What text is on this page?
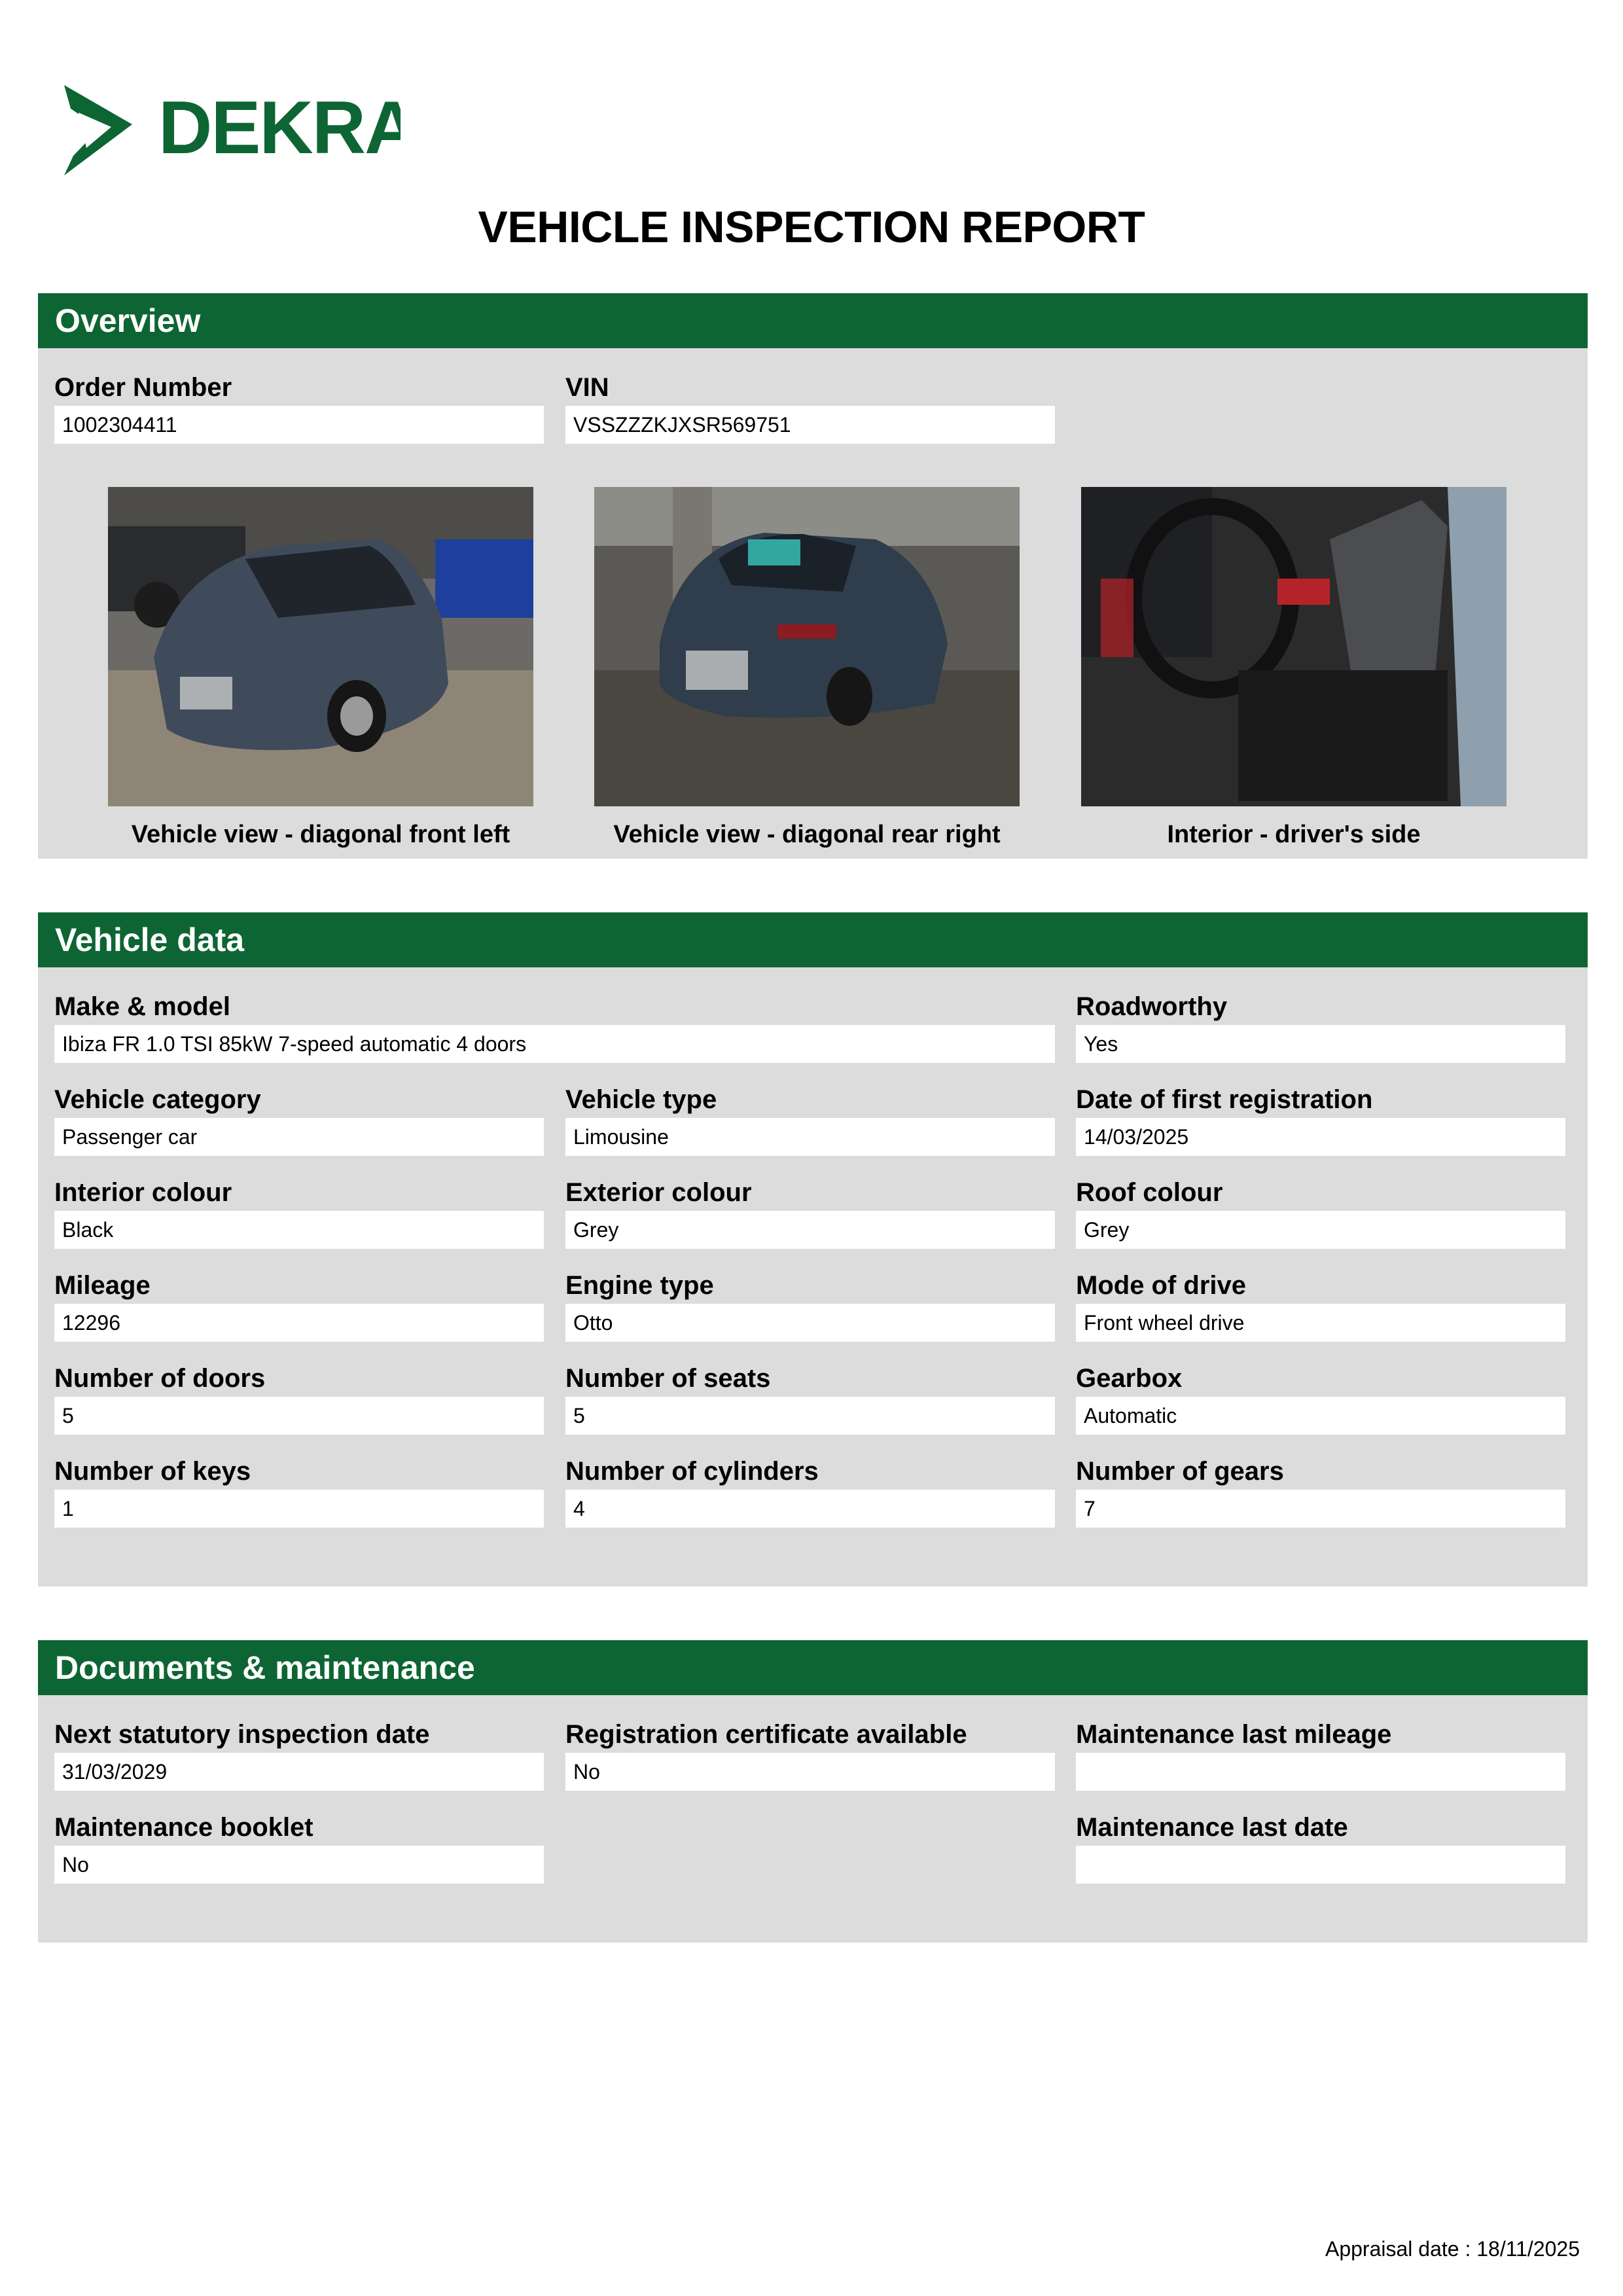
DEKRA
VEHICLE INSPECTION REPORT
Overview
Order Number
1002304411
VIN
VSSZZZKJXSR569751
Vehicle view - diagonal front left	Vehicle view - diagonal rear right	Interior - driver's side
Vehicle data
Make & model
Ibiza FR 1.0 TSI 85kW 7-speed automatic 4 doors
Roadworthy
Yes
Vehicle category
Passenger car
Vehicle type
Limousine
Date of first registration
14/03/2025
Interior colour
Black
Exterior colour
Grey
Roof colour
Grey
Mileage
12296
Engine type
Otto
Mode of drive
Front wheel drive
Number of doors
5
Number of seats
5
Gearbox
Automatic
Number of keys
1
Number of cylinders
4
Number of gears
7
Documents & maintenance
Next statutory inspection date
31/03/2029
Registration certificate available
No
Maintenance last mileage
Maintenance booklet
No
Maintenance last date
Appraisal date : 18/11/2025
